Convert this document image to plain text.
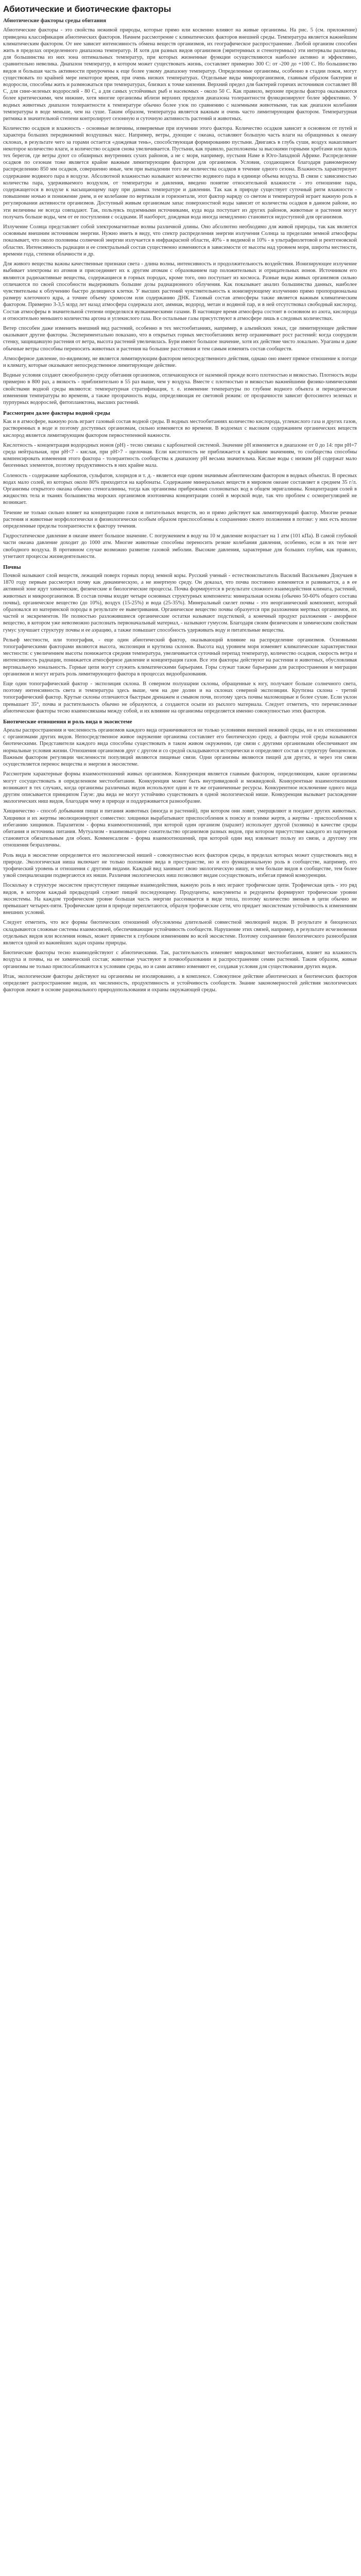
Абиотические и биотические факторы
Абиотические факторы среды обитания

Абиотические факторы - это свойства неживой природы, которые прямо или косвенно влияют на живые организмы. На рис. 5 (см. приложение) приведена классификация абиотических факторов. Начнем рассмотрение с климатических факторов внешней среды. Температура является важнейшим климатическим фактором. От нее зависит интенсивность обмена веществ организмов, их географическое распространение. Любой организм способен жить в пределах определенного диапазона температур. И хотя для разных видов организмов (эвритермных и стенотермных) эти интервалы различны, для большинства из них зона оптимальных температур, при которых жизненные функции осуществляются наиболее активно и эффективно, сравнительно невелика. Диапазон температур, в котором может существовать жизнь, составляет примерно 300 С: от -200 до +100 С. Но большинство видов и большая часть активности приурочены к еще более узкому диапазону температур. Определенные организмы, особенно в стадии покоя, могут существовать по крайней мере некоторое время, при очень низких температурах. Отдельные виды микроорганизмов, главным образом бактерии и водоросли, способны жить и размножаться при температурах, близких к точке кипения. Верхний предел для бактерий горячих источников составляет 88 С, для сине-зеленых водорослей - 80 С, а для самых устойчивых рыб и насекомых - около 50 С. Как правило, верхние пределы фактора оказываются более критическими, чем нижние, хотя многие организмы вблизи верхних пределов диапазона толерантности функционируют более эффективно. У водных животных диапазон толерантности к температуре обычно более узок по сравнению с наземными животными, так как диапазон колебания температуры в воде меньше, чем на суше. Таким образом, температура является важным и очень часто лимитирующим фактором. Температурная ритмика в значительной степени контролирует сезонную и суточную активность растений и животных.

Количество осадков и влажность - основные величины, измеряемые при изучении этого фактора. Количество осадков зависит в основном от путей и характера больших передвижений воздушных масс. Например, ветры, дующие с океана, оставляют большую часть влаги на обращенных к океану склонах, в результате чего за горами остается «дождевая тень», способствующая формированию пустыни. Двигаясь в глубь суши, воздух накапливает некоторое количество влаги, и количество осадков снова увеличивается. Пустыни, как правило, расположены за высокими горными хребтами или вдоль тех берегов, где ветры дуют со обширных внутренних сухих районов, а не с моря, например, пустыня Наме в Юго-Западной Африке. Распределение осадков по сезонам тоже является крайне важным лимитирующим фактором для организмов. Условия, создающиеся благодаря равномерному распределению 850 мм осадков, совершенно иные, чем при выпадении того же количества осадков в течение одного сезона. Влажность характеризует содержание водяного пара в воздухе. Абсолютной влажностью называют количество водяного пара в единице объема воздуха. В связи с зависимостью количества пара, удерживаемого воздухом, от температуры и давления, введено понятие относительной влажности - это отношение пара, содержащегося в воздухе к насыщающему пару при данных температуре и давлении. Так как в природе существует суточный ритм влажности - повышение ночью и понижение днем, и ее колебание по вертикали и горизонтали, этот фактор наряду со светом и температурой играет важную роль в регулировании активности организмов. Доступный живым организмам запас поверхностной воды зависит от количества осадков в данном районе, но эти величины не всегда совпадают. Так, пользуясь подземными источниками, куда вода поступает из других районов, животные и растения могут получать больше воды, чем от ее поступления с осадками. И наоборот, дождевая вода иногда немедленно становится недоступной для организмов.

Излучение Солнца представляет собой электромагнитные волны различной длины. Оно абсолютно необходимо для живой природы, так как является основным внешним источником энергии. Нужно иметь в виду, что спектр распределения энергии излучения Солнца за пределами земной атмосферы показывает, что около половины солнечной энергии излучается в инфракрасной области, 40% - в видимой и 10% - в ультрафиолетовой и рентгеновской областях. Интенсивность радиации и ее спектральный состав существенно изменяются в зависимости от высоты над уровнем моря, широты местности, времени года, степени облачности и др.

Для живого вещества важны качественные признаки света - длина волны, интенсивность и продолжительность воздействия. Ионизирующее излучение выбивает электроны из атомов и присоединяет их к другим атомам с образованием пар положительных и отрицательных ионов. Источником его являются радиоактивные вещества, содержащиеся в горных породах, кроме того, оно поступает из космоса. Разные виды живых организмов сильно отличаются по своей способности выдерживать большие дозы радиационного облучения. Как показывает анализ большинства данных, наиболее чувствительны к облучению быстро делящиеся клетки. У высших растений чувствительность к ионизирующему излучению прямо пропорциональна размеру клеточного ядра, а точнее объему хромосом или содержанию ДНК. Газовый состав атмосферы также является важным климатическим фактором. Примерно 3-3,5 млрд лет назад атмосфера содержала азот, аммиак, водород, метан и водяной пар, и в ней отсутствовал свободный кислород. Состав атмосферы в значительной степени определялся вулканическими газами. В настоящее время атмосфера состоит в основном из азота, кислорода и относительно меньшего количества аргона и углекислого газа. Все остальные газы присутствуют в атмосфере лишь в следовых количествах.

Ветер способен даже изменить внешний вид растений, особенно в тех местообитаниях, например, в альпийских зонах, где лимитирующее действие оказывают другие факторы. Экспериментально показано, что в открытых горных местообитаниях ветер ограничивает рост растений: когда соорудили стенку, защищавшую растения от ветра, высота растений увеличилась. Бури имеют большое значение, хотя их действие чисто локально. Ураганы и даже обычные ветры способны переносить животных и растения на большие расстояния и тем самым изменять состав сообществ.

Атмосферное давление, по-видимому, не является лимитирующим фактором непосредственного действия, однако оно имеет прямое отношение к погоде и климату, которые оказывают непосредственное лимитирующее действие.

Водные условия создают своеобразную среду обитания организмов, отличающуюся от наземной прежде всего плотностью и вязкостью. Плотность воды примерно в 800 раз, а вязкость - приблизительно в 55 раз выше, чем у воздуха. Вместе с плотностью и вязкостью важнейшими физико-химическими свойствами водной среды являются: температурная стратификация, т. е. изменение температуры по глубине водного объекта и периодические изменения температуры во времени, а также прозрачность воды, определяющая ее световой режим: от прозрачности зависит фотосинтез зеленых и пурпурных водорослей, фитопланктона, высших растений.

Рассмотрим далее факторы водной среды

Как и в атмосфере, важную роль играет газовый состав водной среды. В водных местообитаниях количество кислорода, углекислого газа и других газов, растворенных в воде и поэтому доступных организмам, сильно изменяется во времени. В водоемах с высоким содержанием органических веществ кислород является лимитирующим фактором первостепенной важности.

Кислотность - концентрация водородных ионов (pH) - тесно связана с карбонатной системой. Значение pH изменяется в диапазоне от 0 до 14: при pH=7 среда нейтральная, при pH<7 - кислая, при pH>7 - щелочная. Если кислотность не приближается к крайним значениям, то сообщества способны компенсировать изменения этого фактора - толерантность сообщества к диапазону pH весьма значительна. Кислые воды с низким pH содержат мало биогенных элементов, поэтому продуктивность в них крайне мала.

Соленость - содержание карбонатов, сульфатов, хлоридов и т. д. - является еще одним значимым абиотическим фактором в водных объектах. В пресных водах мало солей, из которых около 80% приходится на карбонаты. Содержание минеральных веществ в мировом океане составляет в среднем 35 г/л. Организмы открытого океана обычно стеногалинны, тогда как организмы прибрежных солоноватых вод в общем эвригалинны. Концентрация солей в жидкостях тела и тканях большинства морских организмов изотонична концентрации солей в морской воде, так что проблем с осморегуляцией не возникает.

Течение не только сильно влияет на концентрацию газов и питательных веществ, но и прямо действует как лимитирующий фактор. Многие речные растения и животные морфологически и физиологически особым образом приспособлены к сохранению своего положения в потоке: у них есть вполне определенные пределы толерантности к фактору течения.

Гидростатическое давление в океане имеет большое значение. С погружением в воду на 10 м давление возрастает на 1 атм (101 кПа). В самой глубокой части океана давление доходит до 1000 атм. Многие животные способны переносить резкие колебания давления, особенно, если в их теле нет свободного воздуха. В противном случае возможно развитие газовой эмболии. Высокие давления, характерные для больших глубин, как правило, угнетают процессы жизнедеятельности.

Почвы

Почвой называют слой веществ, лежащий поверх горных пород земной коры. Русский ученый - естествоиспытатель Василий Васильевич Докучаев в 1870 году первым рассмотрел почву как динамическую, а не инертную среду. Он доказал, что почва постоянно изменяется и развивается, а в ее активной зоне идут химические, физические и биологические процессы. Почва формируется в результате сложного взаимодействия климата, растений, животных и микроорганизмов. В состав почвы входят четыре основных структурных компонента: минеральная основа (обычно 50-60% общего состава почвы), органическое вещество (до 10%), воздух (15-25%) и вода (25-35%). Минеральный скелет почвы - это неорганический компонент, который образовался из материнской породы в результате ее выветривания. Органическое вещество почвы образуется при разложении мертвых организмов, их частей и экскрементов. Не полностью разложившиеся органические остатки называют подстилкой, а конечный продукт разложения - аморфное вещество, в котором уже невозможно распознать первоначальный материал, - называют гумусом. Благодаря своим физическим и химическим свойствам гумус улучшает структуру почвы и ее аэрацию, а также повышает способность удерживать воду и питательные вещества.

Рельеф местности, или топография, - еще один абиотический фактор, оказывающий влияние на распределение организмов. Основными топографическими факторами являются высота, экспозиция и крутизна склонов. Высота над уровнем моря изменяет климатические характеристики местности: с увеличением высоты понижается средняя температура, увеличивается суточный перепад температур, количество осадков, скорость ветра и интенсивность радиации, понижается атмосферное давление и концентрация газов. Все эти факторы действуют на растения и животных, обусловливая вертикальную зональность. Горные цепи могут служить климатическими барьерами. Горы служат также барьерами для распространения и миграции организмов и могут играть роль лимитирующего фактора в процессах видообразования.

Еще один топографический фактор - экспозиция склона. В северном полушарии склоны, обращенные к югу, получают больше солнечного света, поэтому интенсивность света и температура здесь выше, чем на дне долин и на склонах северной экспозиции. Крутизна склона - третий топографический фактор. Крутые склоны отличаются быстрым дренажем и смывом почв, поэтому здесь почвы маломощные и более сухие. Если уклон превышает 35°, почва и растительность обычно не образуются, а создаются осыпи из рыхлого материала. Следует отметить, что перечисленные абиотические факторы тесно взаимосвязаны между собой, и их влияние на организмы определяется именно совокупностью этих факторов.

Биотические отношения и роль вида в экосистеме

Ареалы распространения и численность организмов каждого вида ограничиваются не только условиями внешней неживой среды, но и их отношениями с организмами других видов. Непосредственное живое окружение организма составляет его биотическую среду, а факторы этой среды называются биотическими. Представители каждого вида способны существовать в таком живом окружении, где связи с другими организмами обеспечивают им нормальные условия жизни. Отношения организмов друг с другом и со средой складываются исторически и определяют состав и структуру биоценозов. Важным фактором регуляции численности популяций являются пищевые связи. Одни организмы являются пищей для других, и через эти связи осуществляется перенос вещества и энергии в экосистеме.

Рассмотрим характерные формы взаимоотношений живых организмов. Конкуренция является главным фактором, определяющим, какие организмы могут сосуществовать в определенном местообитании. Конкуренция может быть внутривидовой и межвидовой. Конкурентные взаимоотношения возникают в тех случаях, когда организмы различных видов используют одни и те же ограниченные ресурсы. Конкурентное исключение одного вида другим описывается принципом Гаузе: два вида не могут устойчиво существовать в одной экологической нише. Конкуренция вызывает расхождение экологических ниш видов, благодаря чему в природе и поддерживается разнообразие.

Хищничество - способ добывания пищи и питания животных (иногда и растений), при котором они ловят, умерщвляют и поедают других животных. Хищники и их жертвы эволюционируют совместно: хищники вырабатывают приспособления к поиску и поимке жертв, а жертвы - приспособления к избеганию хищников. Паразитизм - форма взаимоотношений, при которой один организм (паразит) использует другой (хозяина) в качестве среды обитания и источника питания. Мутуализм - взаимовыгодное сожительство организмов разных видов, при котором присутствие каждого из партнеров становится обязательным для обоих. Комменсализм - форма взаимоотношений, при которой один вид извлекает пользу из связи, а другому эти отношения безразличны.

Роль вида в экосистеме определяется его экологической нишей - совокупностью всех факторов среды, в пределах которых может существовать вид в природе. Экологическая ниша включает не только положение вида в пространстве, но и его функциональную роль в сообществе, например, его трофический уровень и отношения с другими видами. Каждый вид занимает свою экологическую нишу, и чем больше видов в сообществе, тем более узкой специализации подвергаются их ниши. Различия экологических ниш позволяют видам сосуществовать, избегая прямой конкуренции.

Поскольку в структуре экосистем присутствуют пищевые взаимодействия, важную роль в них играют трофические цепи. Трофическая цепь - это ряд видов, в котором каждый предыдущий служит пищей последующему. Продуценты, консументы и редуценты формируют трофические уровни экосистемы. На каждом трофическом уровне большая часть энергии рассеивается в виде тепла, поэтому количество звеньев в цепи обычно не превышает четырех-пяти. Трофические цепи в природе переплетаются, образуя трофические сети, что придает экосистемам устойчивость к изменениям внешних условий.

Следует отметить, что все формы биотических отношений обусловлены длительной совместной эволюцией видов. В результате в биоценозах складываются сложные системы взаимосвязей, обеспечивающие устойчивость сообществ. Нарушение этих связей, например, в результате исчезновения отдельных видов или вселения новых, может привести к глубоким изменениям во всей экосистеме. Поэтому сохранение биологического разнообразия является одной из важнейших задач охраны природы.

Биотические факторы тесно взаимодействуют с абиотическими. Так, растительность изменяет микроклимат местообитания, влияет на влажность воздуха и почвы, на ее химический состав; животные участвуют в почвообразовании и распространении семян растений. Таким образом, живые организмы не только приспосабливаются к условиям среды, но и сами активно изменяют ее, создавая условия для существования других видов.

Итак, экологические факторы действуют на организмы не изолированно, а в комплексе. Совокупное действие абиотических и биотических факторов определяет распространение видов, их численность, продуктивность и устойчивость сообществ. Знание закономерностей действия экологических факторов лежит в основе рационального природопользования и охраны окружающей среды.
